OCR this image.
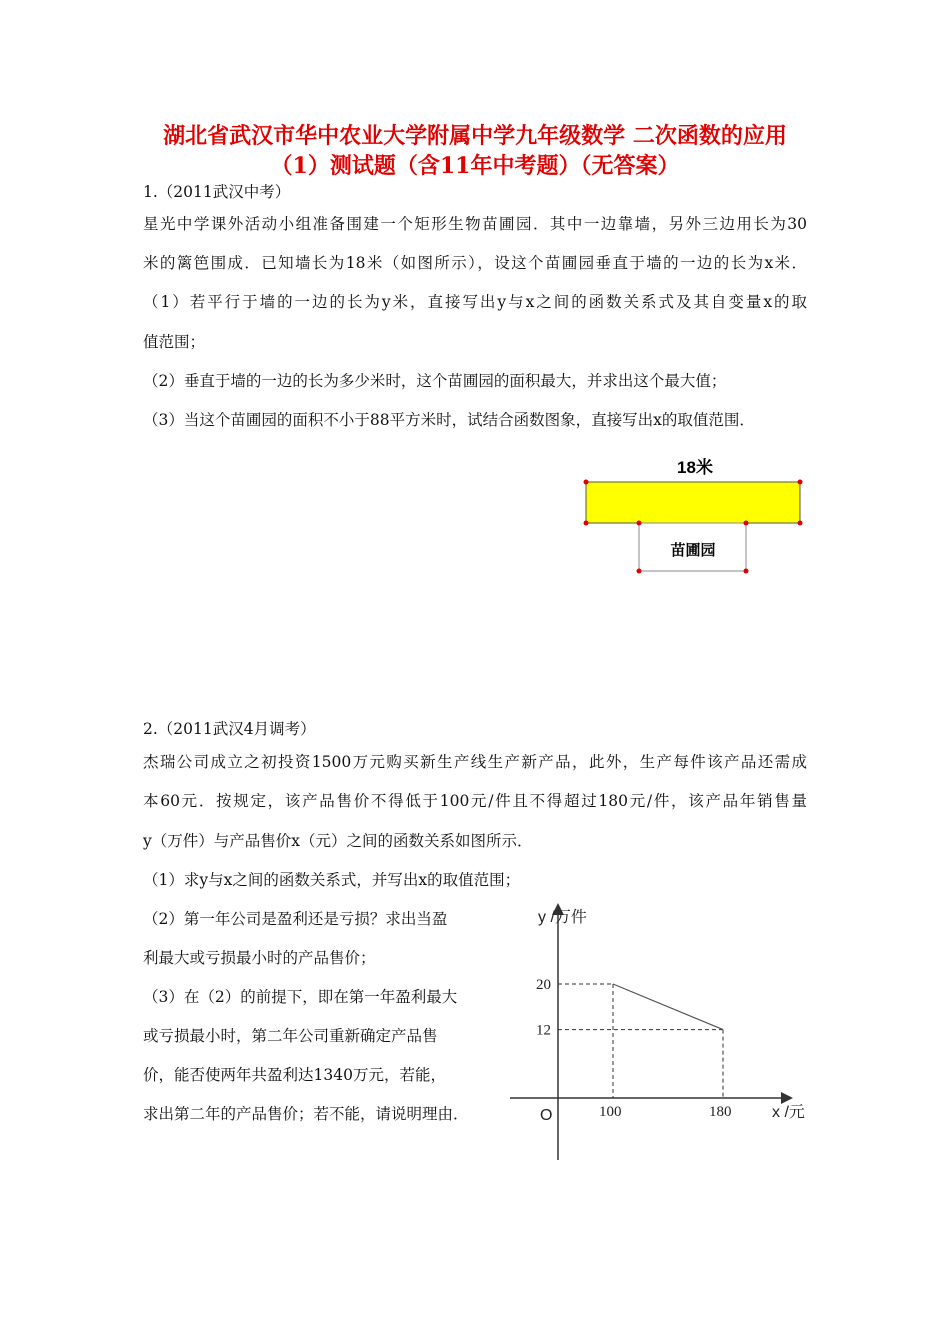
湖北省武汉市华中农业大学附属中学九年级数学 二次函数的应用
（1）测试题（含11年中考题）（无答案）
1.（2011武汉中考）
星光中学课外活动小组准备围建一个矩形生物苗圃园．其中一边靠墙，另外三边用长为30
米的篱笆围成．已知墙长为18米（如图所示），设这个苗圃园垂直于墙的一边的长为x米．
（1）若平行于墙的一边的长为y米，直接写出y与x之间的函数关系式及其自变量x的取
值范围；
（2）垂直于墙的一边的长为多少米时，这个苗圃园的面积最大，并求出这个最大值；
（3）当这个苗圃园的面积不小于88平方米时，试结合函数图象，直接写出x的取值范围．
18米
苗圃园
2.（2011武汉4月调考）
杰瑞公司成立之初投资1500万元购买新生产线生产新产品，此外，生产每件该产品还需成
本60元．按规定，该产品售价不得低于100元/件且不得超过180元/件，该产品年销售量
y（万件）与产品售价x（元）之间的函数关系如图所示．
（1）求y与x之间的函数关系式，并写出x的取值范围；
（2）第一年公司是盈利还是亏损？求出当盈
利最大或亏损最小时的产品售价；
（3）在（2）的前提下，即在第一年盈利最大
或亏损最小时，第二年公司重新确定产品售
价，能否使两年共盈利达1340万元，若能，
求出第二年的产品售价；若不能，请说明理由．
y /万件
x /元
O
20
100
12
180
